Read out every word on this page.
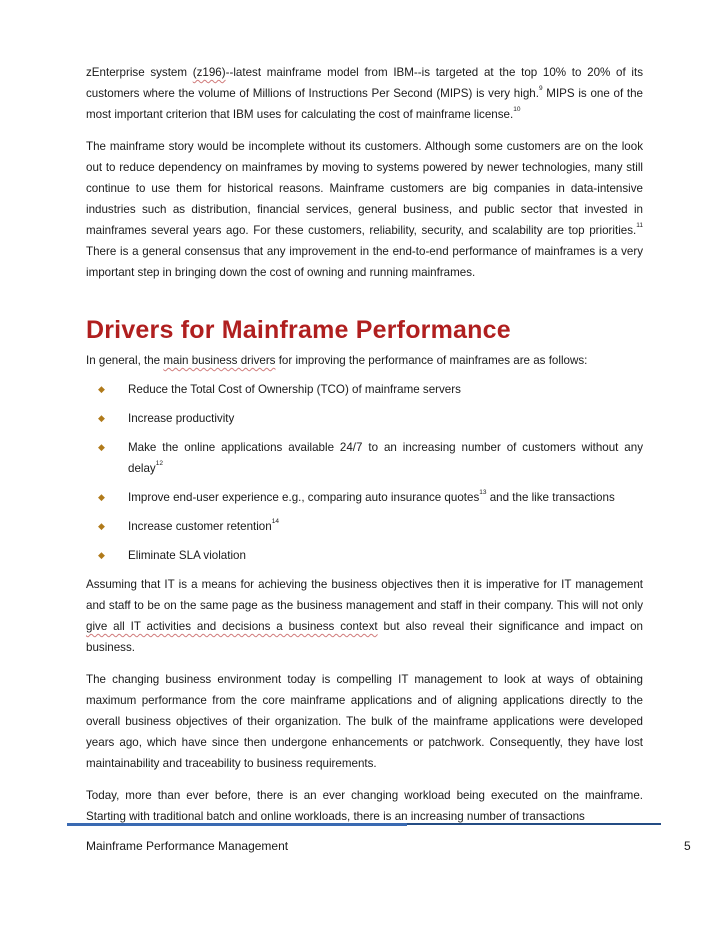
zEnterprise system (z196)--latest mainframe model from IBM--is targeted at the top 10% to 20% of its customers where the volume of Millions of Instructions Per Second (MIPS) is very high.$^9$ MIPS is one of the most important criterion that IBM uses for calculating the cost of mainframe license.$^{10}$

The mainframe story would be incomplete without its customers. Although some customers are on the look out to reduce dependency on mainframes by moving to systems powered by newer technologies, many still continue to use them for historical reasons. Mainframe customers are big companies in data-intensive industries such as distribution, financial services, general business, and public sector that invested in mainframes several years ago. For these customers, reliability, security, and scalability are top priorities.$^{11}$ There is a general consensus that any improvement in the end-to-end performance of mainframes is a very important step in bringing down the cost of owning and running mainframes.

Drivers for Mainframe Performance

In general, the main business drivers for improving the performance of mainframes are as follows:

◆ Reduce the Total Cost of Ownership (TCO) of mainframe servers
◆ Increase productivity
◆ Make the online applications available 24/7 to an increasing number of customers without any delay$^{12}$
◆ Improve end-user experience e.g., comparing auto insurance quotes$^{13}$ and the like transactions
◆ Increase customer retention$^{14}$
◆ Eliminate SLA violation

Assuming that IT is a means for achieving the business objectives then it is imperative for IT management and staff to be on the same page as the business management and staff in their company. This will not only give all IT activities and decisions a business context but also reveal their significance and impact on business.

The changing business environment today is compelling IT management to look at ways of obtaining maximum performance from the core mainframe applications and of aligning applications directly to the overall business objectives of their organization. The bulk of the mainframe applications were developed years ago, which have since then undergone enhancements or patchwork. Consequently, they have lost maintainability and traceability to business requirements.

Today, more than ever before, there is an ever changing workload being executed on the mainframe. Starting with traditional batch and online workloads, there is an increasing number of transactions

Mainframe Performance Management	5
